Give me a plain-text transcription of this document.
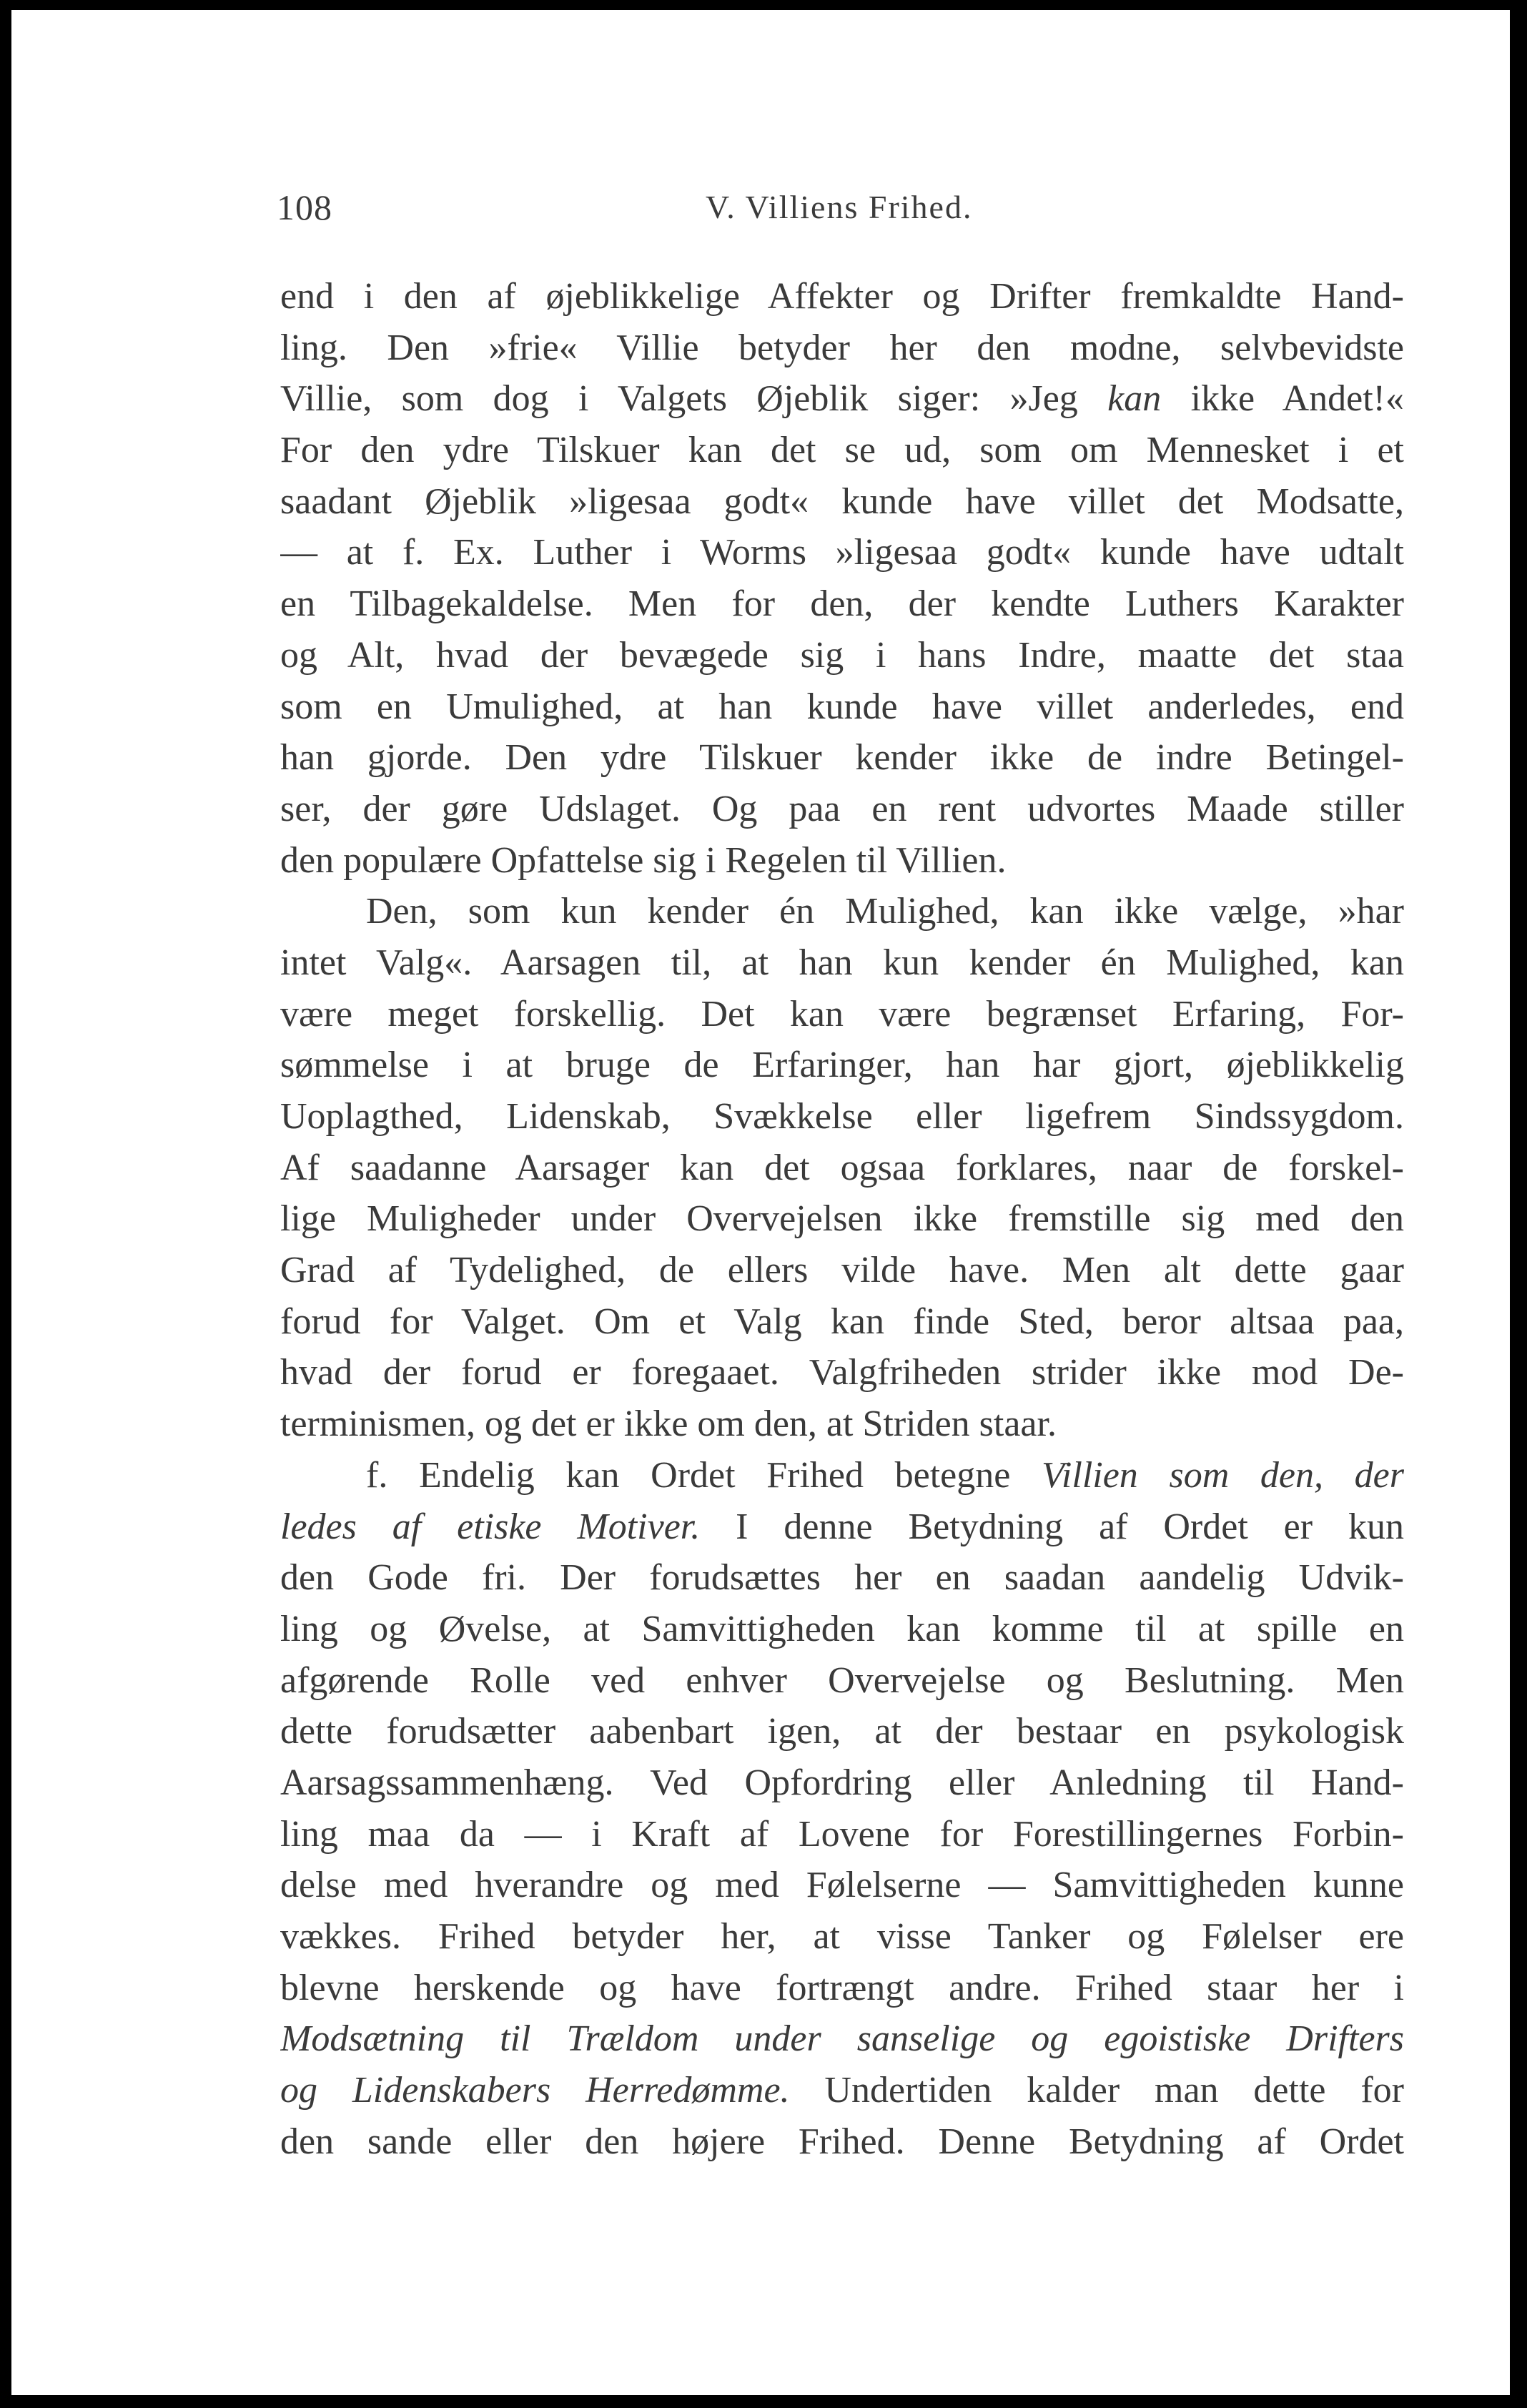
108	V. Villiens Frihed.
end i den af øjeblikkelige Affekter og Drifter fremkaldte Hand-
ling. Den »frie« Villie betyder her den modne, selvbevidste
Villie, som dog i Valgets Øjeblik siger: »Jeg kan ikke Andet!«
For den ydre Tilskuer kan det se ud, som om Mennesket i et
saadant Øjeblik »ligesaa godt« kunde have villet det Modsatte,
— at f. Ex. Luther i Worms »ligesaa godt« kunde have udtalt
en Tilbagekaldelse. Men for den, der kendte Luthers Karakter
og Alt, hvad der bevægede sig i hans Indre, maatte det staa
som en Umulighed, at han kunde have villet anderledes, end
han gjorde. Den ydre Tilskuer kender ikke de indre Betingel-
ser, der gøre Udslaget. Og paa en rent udvortes Maade stiller
den populære Opfattelse sig i Regelen til Villien.
Den, som kun kender én Mulighed, kan ikke vælge, »har
intet Valg«. Aarsagen til, at han kun kender én Mulighed, kan
være meget forskellig. Det kan være begrænset Erfaring, For-
sømmelse i at bruge de Erfaringer, han har gjort, øjeblikkelig
Uoplagthed, Lidenskab, Svækkelse eller ligefrem Sindssygdom.
Af saadanne Aarsager kan det ogsaa forklares, naar de forskel-
lige Muligheder under Overvejelsen ikke fremstille sig med den
Grad af Tydelighed, de ellers vilde have. Men alt dette gaar
forud for Valget. Om et Valg kan finde Sted, beror altsaa paa,
hvad der forud er foregaaet. Valgfriheden strider ikke mod De-
terminismen, og det er ikke om den, at Striden staar.
f. Endelig kan Ordet Frihed betegne Villien som den, der
ledes af etiske Motiver. I denne Betydning af Ordet er kun
den Gode fri. Der forudsættes her en saadan aandelig Udvik-
ling og Øvelse, at Samvittigheden kan komme til at spille en
afgørende Rolle ved enhver Overvejelse og Beslutning. Men
dette forudsætter aabenbart igen, at der bestaar en psykologisk
Aarsagssammenhæng. Ved Opfordring eller Anledning til Hand-
ling maa da — i Kraft af Lovene for Forestillingernes Forbin-
delse med hverandre og med Følelserne — Samvittigheden kunne
vækkes. Frihed betyder her, at visse Tanker og Følelser ere
blevne herskende og have fortrængt andre. Frihed staar her i
Modsætning til Trældom under sanselige og egoistiske Drifters
og Lidenskabers Herredømme. Undertiden kalder man dette for
den sande eller den højere Frihed. Denne Betydning af Ordet
